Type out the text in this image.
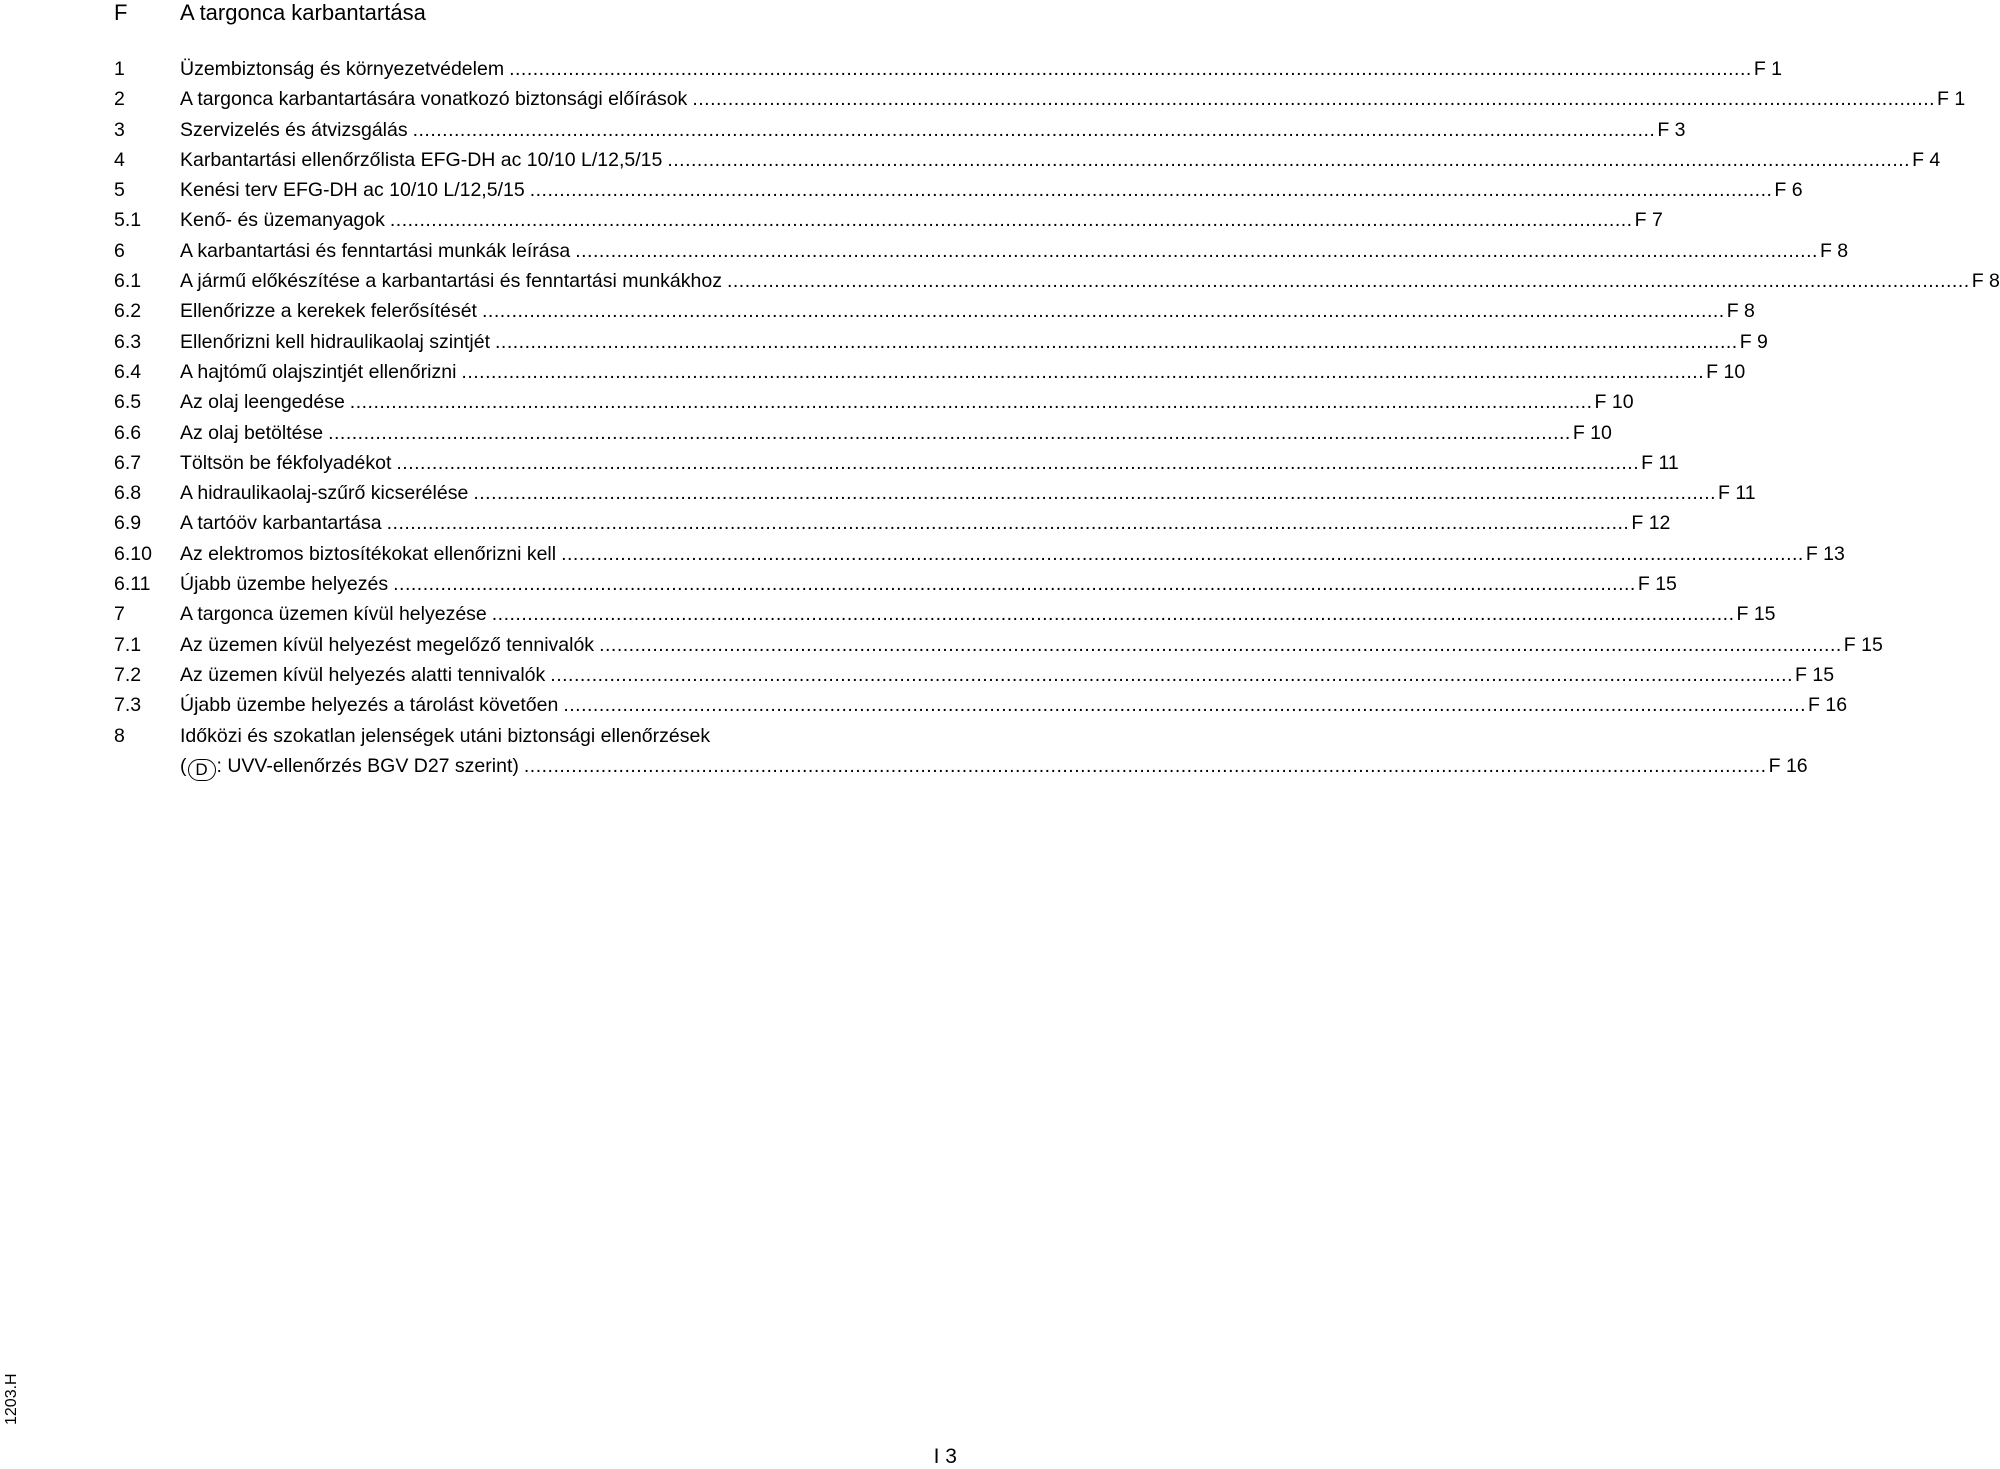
F A targonca karbantartása
1	Üzembiztonság és környezetvédelem .....	F 1
2	A targonca karbantartására vonatkozó biztonsági előírások .....	F 1
3	Szervizelés és átvizsgálás .....	F 3
4	Karbantartási ellenőrzőlista EFG-DH ac 10/10 L/12,5/15 .....	F 4
5	Kenési terv EFG-DH ac 10/10 L/12,5/15 .....	F 6
5.1	Kenő- és üzemanyagok .....	F 7
6	A karbantartási és fenntartási munkák leírása .....	F 8
6.1	A jármű előkészítése a karbantartási és fenntartási munkákhoz .....	F 8
6.2	Ellenőrizze a kerekek felerősítését .....	F 8
6.3	Ellenőrizni kell hidraulikaolaj szintjét .....	F 9
6.4	A hajtómű olajszintjét ellenőrizni .....	F 10
6.5	Az olaj leengedése .....	F 10
6.6	Az olaj betöltése .....	F 10
6.7	Töltsön be fékfolyadékot .....	F 11
6.8	A hidraulikaolaj-szűrő kicserélése .....	F 11
6.9	A tartóöv karbantartása .....	F 12
6.10	Az elektromos biztosítékokat ellenőrizni kell .....	F 13
6.11	Újabb üzembe helyezés .....	F 15
7	A targonca üzemen kívül helyezése .....	F 15
7.1	Az üzemen kívül helyezést megelőző tennivalók .....	F 15
7.2	Az üzemen kívül helyezés alatti tennivalók .....	F 15
7.3	Újabb üzembe helyezés a tárolást követően .....	F 16
8	Időközi és szokatlan jelenségek utáni biztonsági ellenőrzések
( D : UVV-ellenőrzés BGV D27 szerint) .....	F 16
1203.H
I 3
